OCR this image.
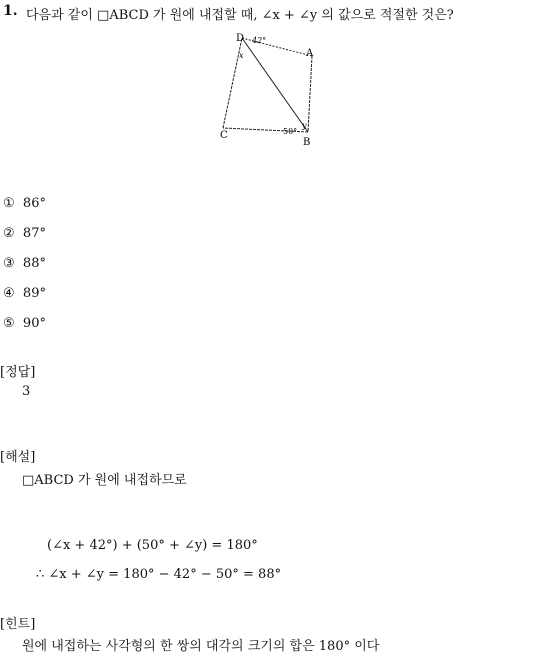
1. 다음과 같이 □ABCD 가 원에 내접할 때, ∠x + ∠y 의 값으로 적절한 것은?
D
A
C
B
42°
50°
x
y
① 86°
② 87°
③ 88°
④ 89°
⑤ 90°
[정답]
3
[해설]
□ABCD 가 원에 내접하므로
(∠x + 42°) + (50° + ∠y) = 180°
∴ ∠x + ∠y = 180° − 42° − 50° = 88°
[힌트]
원에 내접하는 사각형의 한 쌍의 대각의 크기의 합은 180° 이다
